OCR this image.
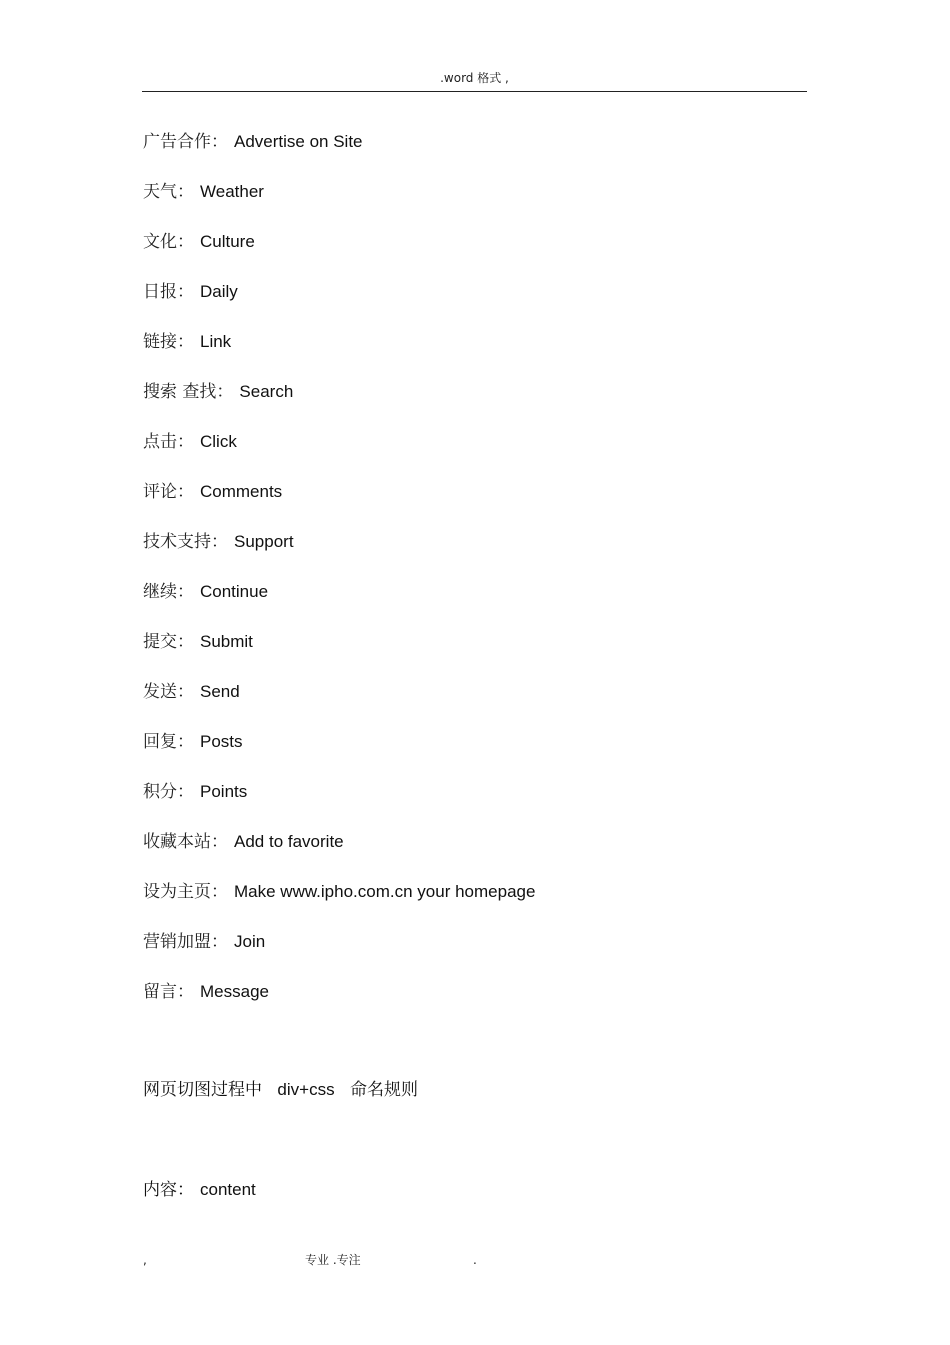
.word 格式 ,
广告合作： Advertise on Site
天气： Weather
文化： Culture
日报： Daily
链接： Link
搜索 查找： Search
点击： Click
评论： Comments
技术支持： Support
继续： Continue
提交： Submit
发送： Send
回复： Posts
积分： Points
收藏本站： Add to favorite
设为主页： Make www.ipho.com.cn your homepage
营销加盟： Join
留言： Message
网页切图过程中 div+css 命名规则
内容： content
,	专业 .专注	.
